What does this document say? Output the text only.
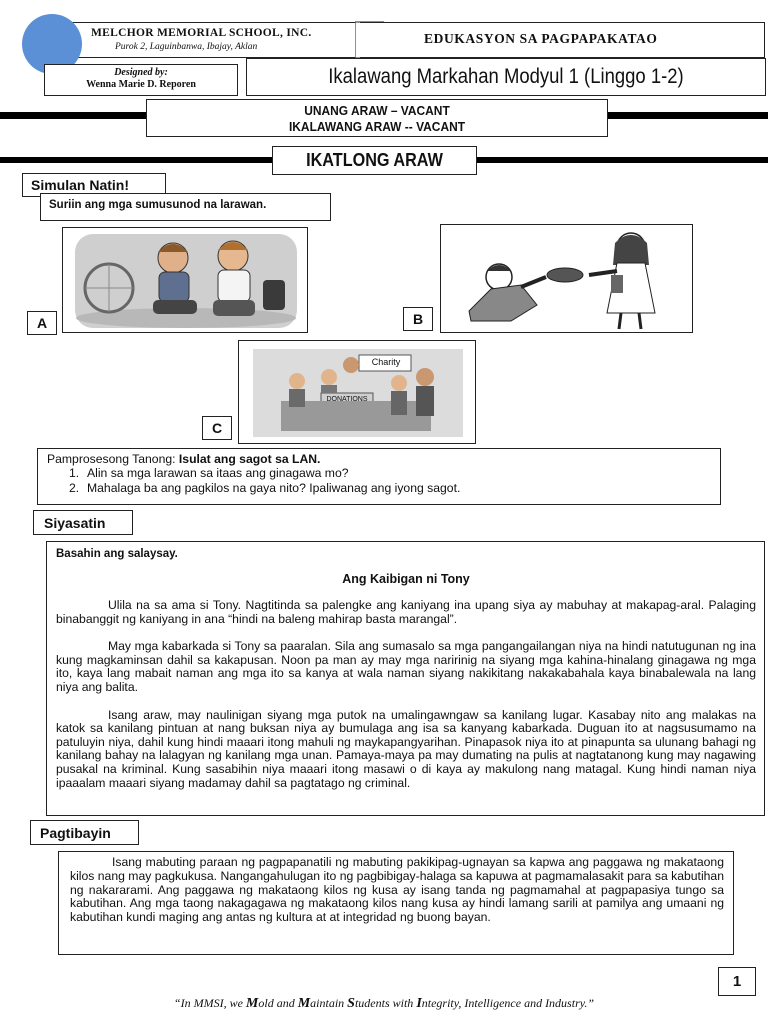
MELCHOR MEMORIAL SCHOOL, INC.
Purok 2, Laguinbanwa, Ibajay, Aklan
EDUKASYON SA PAGPAPAKATAO
Designed by:
Wenna Marie D. Reporen	Ikalawang Markahan Modyul 1 (Linggo 1-2)
UNANG ARAW – VACANT
IKALAWANG ARAW -- VACANT
IKATLONG ARAW
Simulan Natin!
Suriin ang mga sumusunod na larawan.
A	B
Charity
DONATIONS
C
Pamprosesong Tanong: Isulat ang sagot sa LAN.
1. Alin sa mga larawan sa itaas ang ginagawa mo?
2. Mahalaga ba ang pagkilos na gaya nito? Ipaliwanag ang iyong sagot.
Siyasatin
Basahin ang salaysay.
Ang Kaibigan ni Tony

Ulila na sa ama si Tony. Nagtitinda sa palengke ang kaniyang ina upang siya ay mabuhay at makapag-aral. Palaging binabanggit ng kaniyang in ana “hindi na baleng mahirap basta marangal”.

May mga kabarkada si Tony sa paaralan. Sila ang sumasalo sa mga pangangailangan niya na hindi natutugunan ng ina kung magkaminsan dahil sa kakapusan. Noon pa man ay may mga naririnig na siyang mga kahina-hinalang ginagawa ng mga ito, kaya lang mabait naman ang mga ito sa kanya at wala naman siyang nakikitang nakakabahala kaya binabalewala na lang niya ang balita.

Isang araw, may naulinigan siyang mga putok na umalingawngaw sa kanilang lugar. Kasabay nito ang malakas na katok sa kanilang pintuan at nang buksan niya ay bumulaga ang isa sa kanyang kabarkada. Duguan ito at nagsusumamo na patuluyin niya, dahil kung hindi maaari itong mahuli ng maykapangyarihan. Pinapasok niya ito at pinapunta sa ulunang bahagi ng kanilang bahay na lalagyan ng kanilang mga unan. Pamaya-maya pa may dumating na pulis at nagtatanong kung may nagawing pusakal na kriminal. Kung sasabihin niya maaari itong masawi o di kaya ay makulong nang matagal. Kung hindi naman niya ipaaalam maaari siyang madamay dahil sa pagtatago ng criminal.

Pagtibayin

Isang mabuting paraan ng pagpapanatili ng mabuting pakikipag-ugnayan sa kapwa ang paggawa ng makataong kilos nang may pagkukusa. Nangangahulugan ito ng pagbibigay-halaga sa kapuwa at pagmamalasakit para sa kabutihan ng nakararami. Ang paggawa ng makataong kilos ng kusa ay isang tanda ng pagmamahal at pagpapasiya tungo sa kabutihan. Ang mga taong nakagagawa ng makataong kilos nang kusa ay hindi lamang sarili at pamilya ang umaani ng kabutihan kundi maging ang antas ng kultura at at integridad ng buong bayan.

1
“In MMSI, we Mold and Maintain Students with Integrity, Intelligence and Industry.”
